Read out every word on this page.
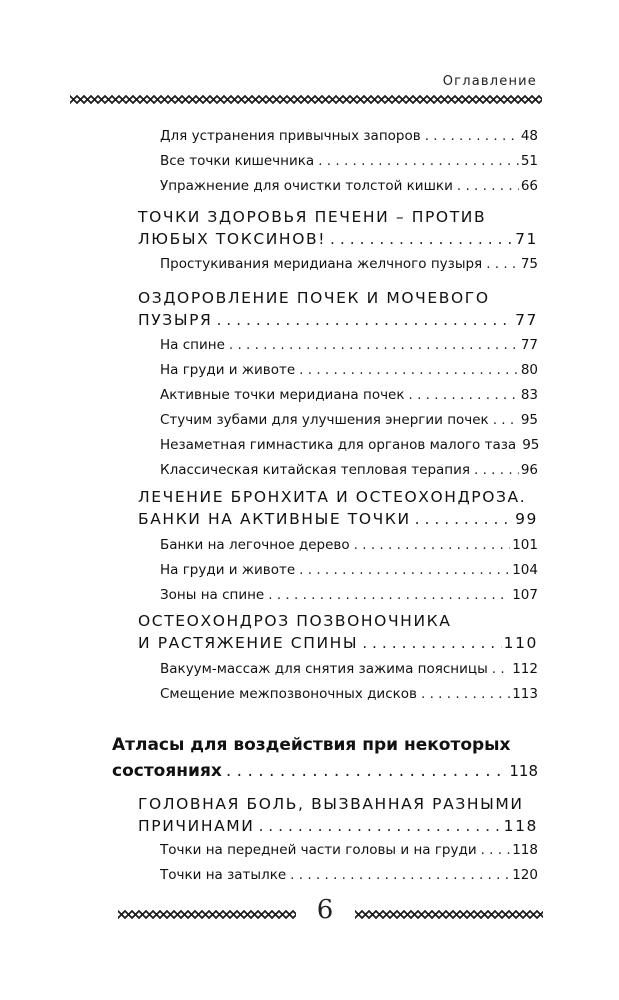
Оглавление
Для устранения привычных запоров . . .	48
Все точки кишечника . . .	51
Упражнение для очистки толстой кишки . . .	66
ТОЧКИ ЗДОРОВЬЯ ПЕЧЕНИ – ПРОТИВ
ЛЮБЫХ ТОКСИНОВ! . . .	71
Простукивания меридиана желчного пузыря . . .	75
ОЗДОРОВЛЕНИЕ ПОЧЕК И МОЧЕВОГО
ПУЗЫРЯ . . .	77
На спине . . .	77
На груди и животе . . .	80
Активные точки меридиана почек . . .	83
Стучим зубами для улучшения энергии почек . . . 95
Незаметная гимнастика для органов малого таза 95
Классическая китайская тепловая терапия . . .	96
ЛЕЧЕНИЕ БРОНХИТА И ОСТЕОХОНДРОЗА.
БАНКИ НА АКТИВНЫЕ ТОЧКИ . . .	99
Банки на легочное дерево . . .	101
На груди и животе . . .	104
Зоны на спине . . .	107
ОСТЕОХОНДРОЗ ПОЗВОНОЧНИКА
И РАСТЯЖЕНИЕ СПИНЫ . . .	110
Вакуум-массаж для снятия зажима поясницы . . . 112
Смещение межпозвоночных дисков . . .	113
Атласы для воздействия при некоторых
состояниях . . .	118
ГОЛОВНАЯ БОЛЬ, ВЫЗВАННАЯ РАЗНЫМИ
ПРИЧИНАМИ . . .	118
Точки на передней части головы и на груди . . .	118
Точки на затылке . . .	120
6
